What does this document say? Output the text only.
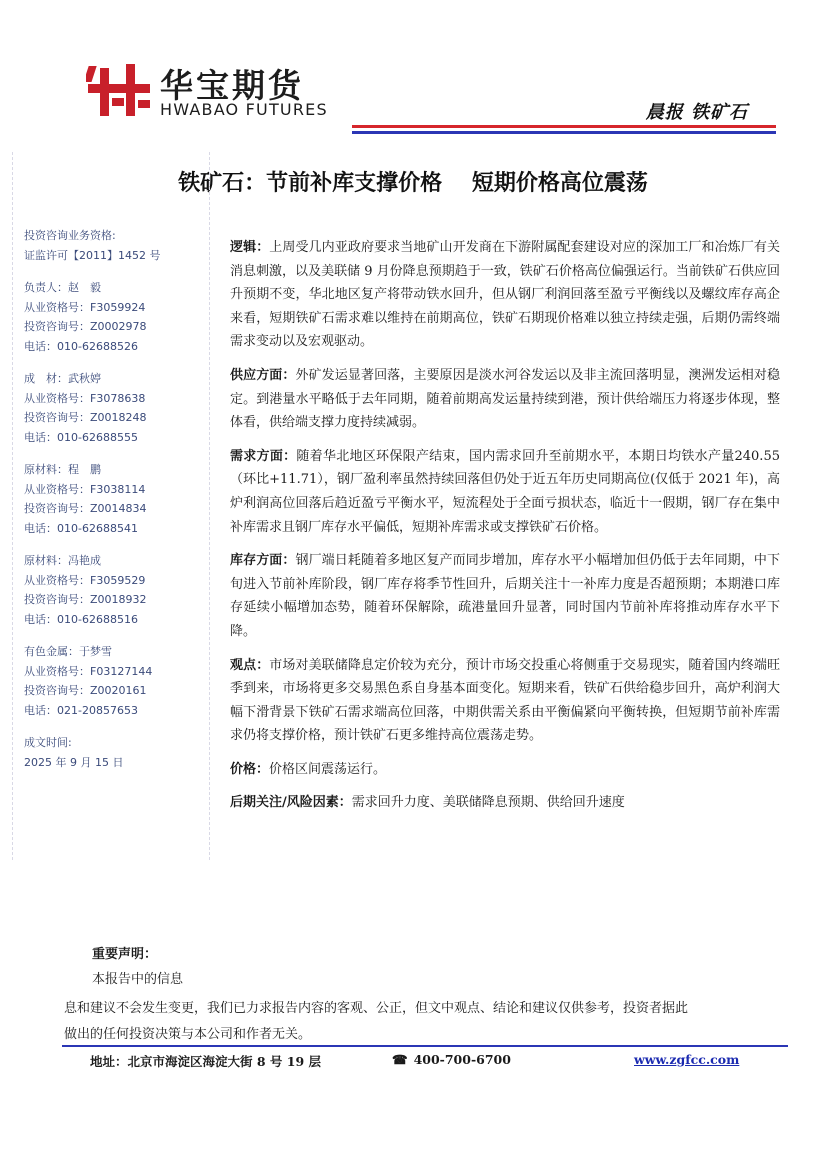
华宝期货
HWABAO FUTURES	晨报 铁矿石
铁矿石：节前补库支撑价格　 短期价格高位震荡
投资咨询业务资格:
证监许可【2011】1452 号
负责人：赵　毅
从业资格号：F3059924
投资咨询号：Z0002978
电话：010-62688526
成　材：武秋婷
从业资格号：F3078638
投资咨询号：Z0018248
电话：010-62688555
原材料：程　鹏
从业资格号：F3038114
投资咨询号：Z0014834
电话：010-62688541
原材料：冯艳成
从业资格号：F3059529
投资咨询号：Z0018932
电话：010-62688516
有色金属：于梦雪
从业资格号：F03127144
投资咨询号：Z0020161
电话：021-20857653
成文时间:
2025 年 9 月 15 日

逻辑：上周受几内亚政府要求当地矿山开发商在下游附属配套建设对应的深加工厂和冶炼厂有关消息刺激，以及美联储 9 月份降息预期趋于一致，铁矿石价格高位偏强运行。当前铁矿石供应回升预期不变，华北地区复产将带动铁水回升，但从钢厂利润回落至盈亏平衡线以及螺纹库存高企来看，短期铁矿石需求难以维持在前期高位，铁矿石期现价格难以独立持续走强，后期仍需终端需求变动以及宏观驱动。

供应方面：外矿发运显著回落，主要原因是淡水河谷发运以及非主流回落明显，澳洲发运相对稳定。到港量水平略低于去年同期，随着前期高发运量持续到港，预计供给端压力将逐步体现，整体看，供给端支撑力度持续减弱。

需求方面：随着华北地区环保限产结束，国内需求回升至前期水平，本期日均铁水产量240.55（环比+11.71），钢厂盈利率虽然持续回落但仍处于近五年历史同期高位(仅低于 2021 年)，高炉利润高位回落后趋近盈亏平衡水平，短流程处于全面亏损状态，临近十一假期，钢厂存在集中补库需求且钢厂库存水平偏低，短期补库需求或支撑铁矿石价格。

库存方面：钢厂端日耗随着多地区复产而同步增加，库存水平小幅增加但仍低于去年同期，中下旬进入节前补库阶段，钢厂库存将季节性回升，后期关注十一补库力度是否超预期；本期港口库存延续小幅增加态势，随着环保解除，疏港量回升显著，同时国内节前补库将推动库存水平下降。

观点：市场对美联储降息定价较为充分，预计市场交投重心将侧重于交易现实，随着国内终端旺季到来，市场将更多交易黑色系自身基本面变化。短期来看，铁矿石供给稳步回升，高炉利润大幅下滑背景下铁矿石需求端高位回落，中期供需关系由平衡偏紧向平衡转换，但短期节前补库需求仍将支撑价格，预计铁矿石更多维持高位震荡走势。

价格：价格区间震荡运行。

后期关注/风险因素：需求回升力度、美联储降息预期、供给回升速度

重要声明：
本报告中的信息
息和建议不会发生变更，我们已力求报告内容的客观、公正，但文中观点、结论和建议仅供参考，投资者据此
做出的任何投资决策与本公司和作者无关。
地址：北京市海淀区海淀大街 8 号 19 层	☎ 400-700-6700	www.zgfcc.com
